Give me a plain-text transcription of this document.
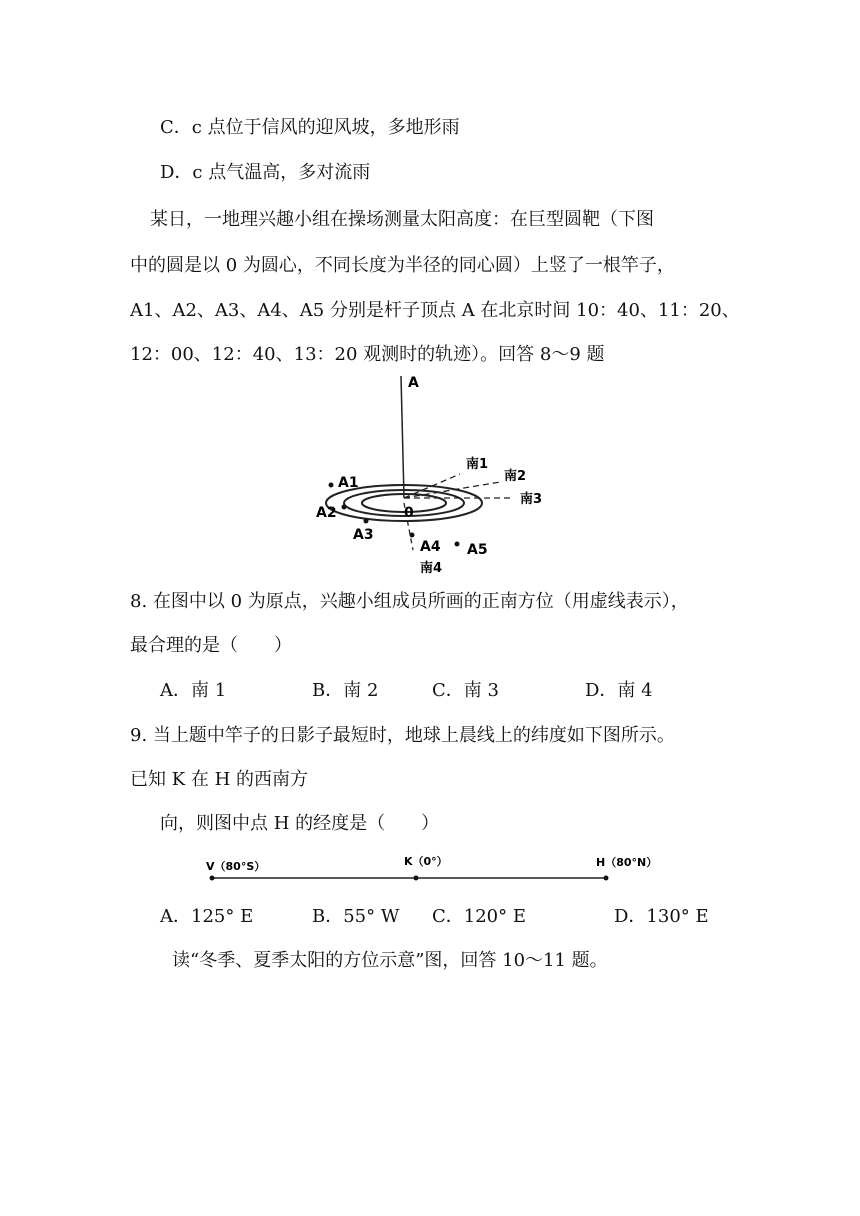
C．c 点位于信风的迎风坡，多地形雨
D．c 点气温高，多对流雨
某日，一地理兴趣小组在操场测量太阳高度：在巨型圆靶（下图
中的圆是以 0 为圆心，不同长度为半径的同心圆）上竖了一根竿子，
A1、A2、A3、A4、A5 分别是杆子顶点 A 在北京时间 10：40、11：20、
12：00、12：40、13：20 观测时的轨迹）。回答 8～9 题
A
南1
南2
南3
南4
0
A1
A2
A3
A4 A5
8. 在图中以 0 为原点，兴趣小组成员所画的正南方位（用虚线表示），
最合理的是（　　）
A．南 1	B．南 2	C．南 3	D．南 4
9. 当上题中竿子的日影子最短时，地球上晨线上的纬度如下图所示。
已知 K 在 H 的西南方
向，则图中点 H 的经度是（　　）
V（80°S）	K（0°）	H（80°N）
A．125° E	B．55° W C．120° E	D．130° E
读“冬季、夏季太阳的方位示意”图，回答 10～11 题。
